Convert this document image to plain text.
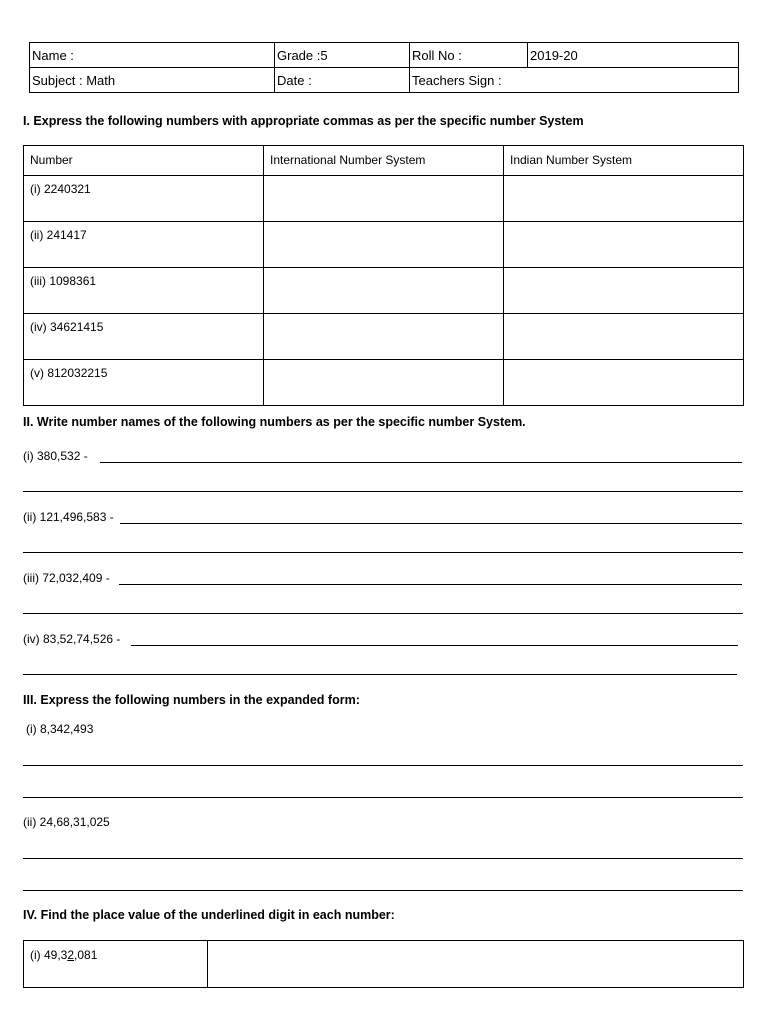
Name :	Grade :5	Roll No :	2019-20
Subject : Math	Date :	Teachers Sign :	
I. Express the following numbers with appropriate commas as per the specific number System
Number	International Number System	Indian Number System
(i) 2240321		
(ii) 241417		
(iii) 1098361		
(iv) 34621415		
(v) 812032215		
II. Write number names of the following numbers as per the specific number System.
(i) 380,532 -
(ii) 121,496,583 -
(iii) 72,032,409 -
(iv) 83,52,74,526 -
III. Express the following numbers in the expanded form:
(i) 8,342,493
(ii) 24,68,31,025
IV. Find the place value of the underlined digit in each number:
(i) 49,32,081	
